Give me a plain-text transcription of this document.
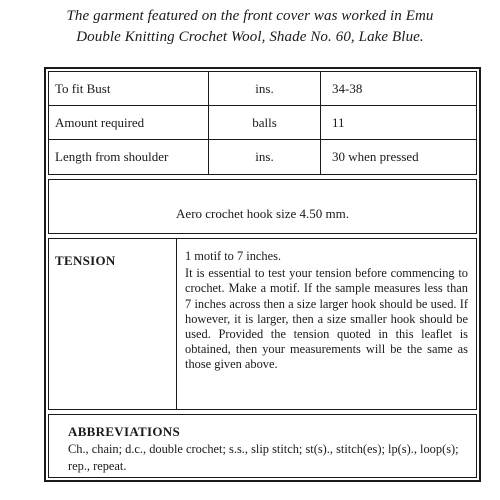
The garment featured on the front cover was worked in Emu
Double Knitting Crochet Wool, Shade No. 60, Lake Blue.
To fit Bust	ins.	34-38
Amount required	balls	11
Length from shoulder	ins.	30 when pressed
Aero crochet hook size 4.50 mm.
TENSION	1 motif to 7 inches.

It is essential to test your tension before commencing to crochet. Make a motif. If the sample measures less than 7 inches across then a size larger hook should be used. If however, it is larger, then a size smaller hook should be used. Provided the tension quoted in this leaflet is obtained, then your measurements will be the same as those given above.

ABBREVIATIONS
Ch., chain; d.c., double crochet; s.s., slip stitch; st(s)., stitch(es); lp(s)., loop(s); rep., repeat.
